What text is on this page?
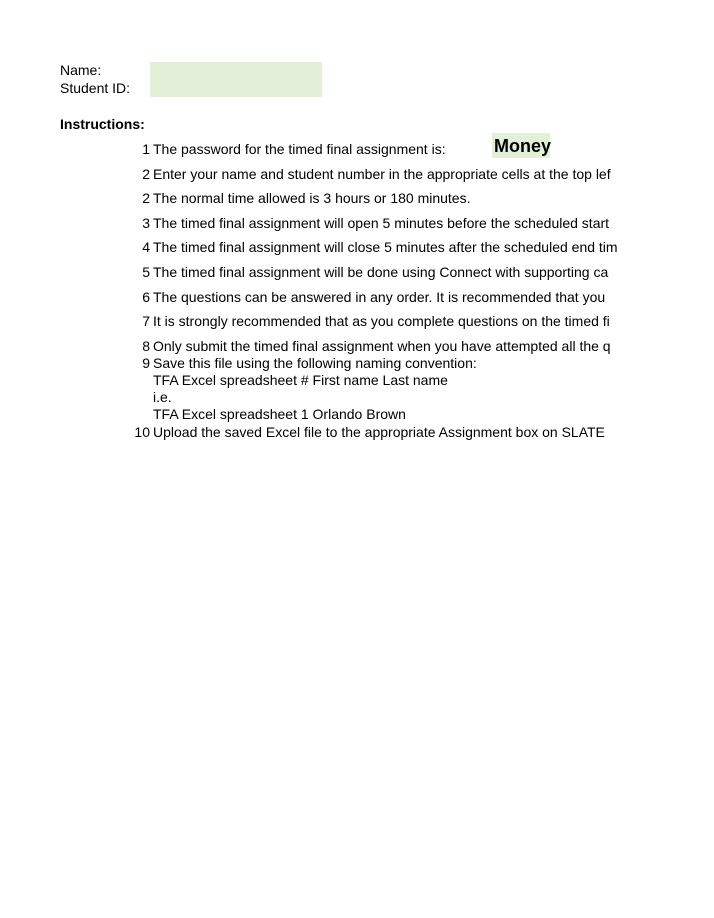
Name:
Student ID:
Instructions:
1 The password for the timed final assignment is:	Money
2 Enter your name and student number in the appropriate cells at the top lef
2 The normal time allowed is 3 hours or 180 minutes.
3 The timed final assignment will open 5 minutes before the scheduled start
4 The timed final assignment will close 5 minutes after the scheduled end tim
5 The timed final assignment will be done using Connect with supporting ca
6 The questions can be answered in any order. It is recommended that you
7 It is strongly recommended that as you complete questions on the timed fi
8 Only submit the timed final assignment when you have attempted all the q
9 Save this file using the following naming convention:
TFA Excel spreadsheet # First name Last name
i.e.
TFA Excel spreadsheet 1 Orlando Brown
10 Upload the saved Excel file to the appropriate Assignment box on SLATE
